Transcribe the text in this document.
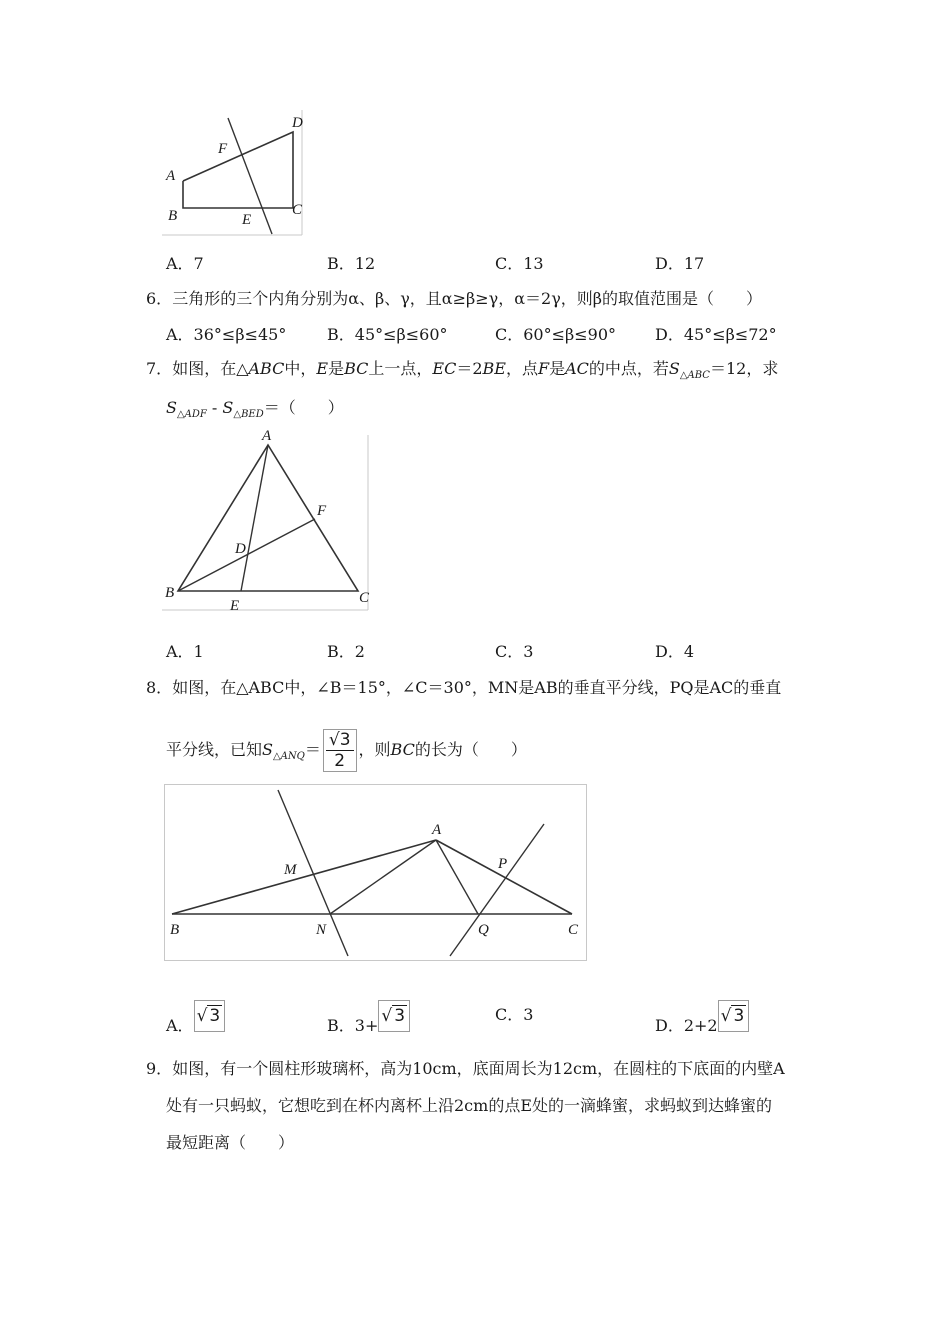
A
B	C
D
E
F
A．7	B．12	C．13	D．17
6．三角形的三个内角分别为α、β、γ，且α≥β≥γ，α＝2γ，则β的取值范围是（　　）
A．36°≤β≤45°	B．45°≤β≤60°	C．60°≤β≤90° D．45°≤β≤72°
7．如图，在△ABC中，E是BC上一点，EC＝2BE，点F是AC的中点，若$S_{\triangle ABC}=12$，求
$S_{\triangle ADF} - S_{\triangle BED}=$（　　）
A
B	C
D
E
F
A．1	B．2	C．3	D．4
8．如图，在△ABC中，∠B＝15°，∠C＝30°，MN是AB的垂直平分线，PQ是AC的垂直
平分线，已知$S_{\triangle ANQ}= \frac{√3}{2}$ ，则BC的长为（　　）
A
B	C
M
N
P
Q
A． √ 3	B．3+ √ 3	C．3
D．2+2 √ 3
9．如图，有一个圆柱形玻璃杯，高为10cm，底面周长为12cm，在圆柱的下底面的内壁A
处有一只蚂蚁，它想吃到在杯内离杯上沿2cm的点E处的一滴蜂蜜，求蚂蚁到达蜂蜜的
最短距离（　　）
